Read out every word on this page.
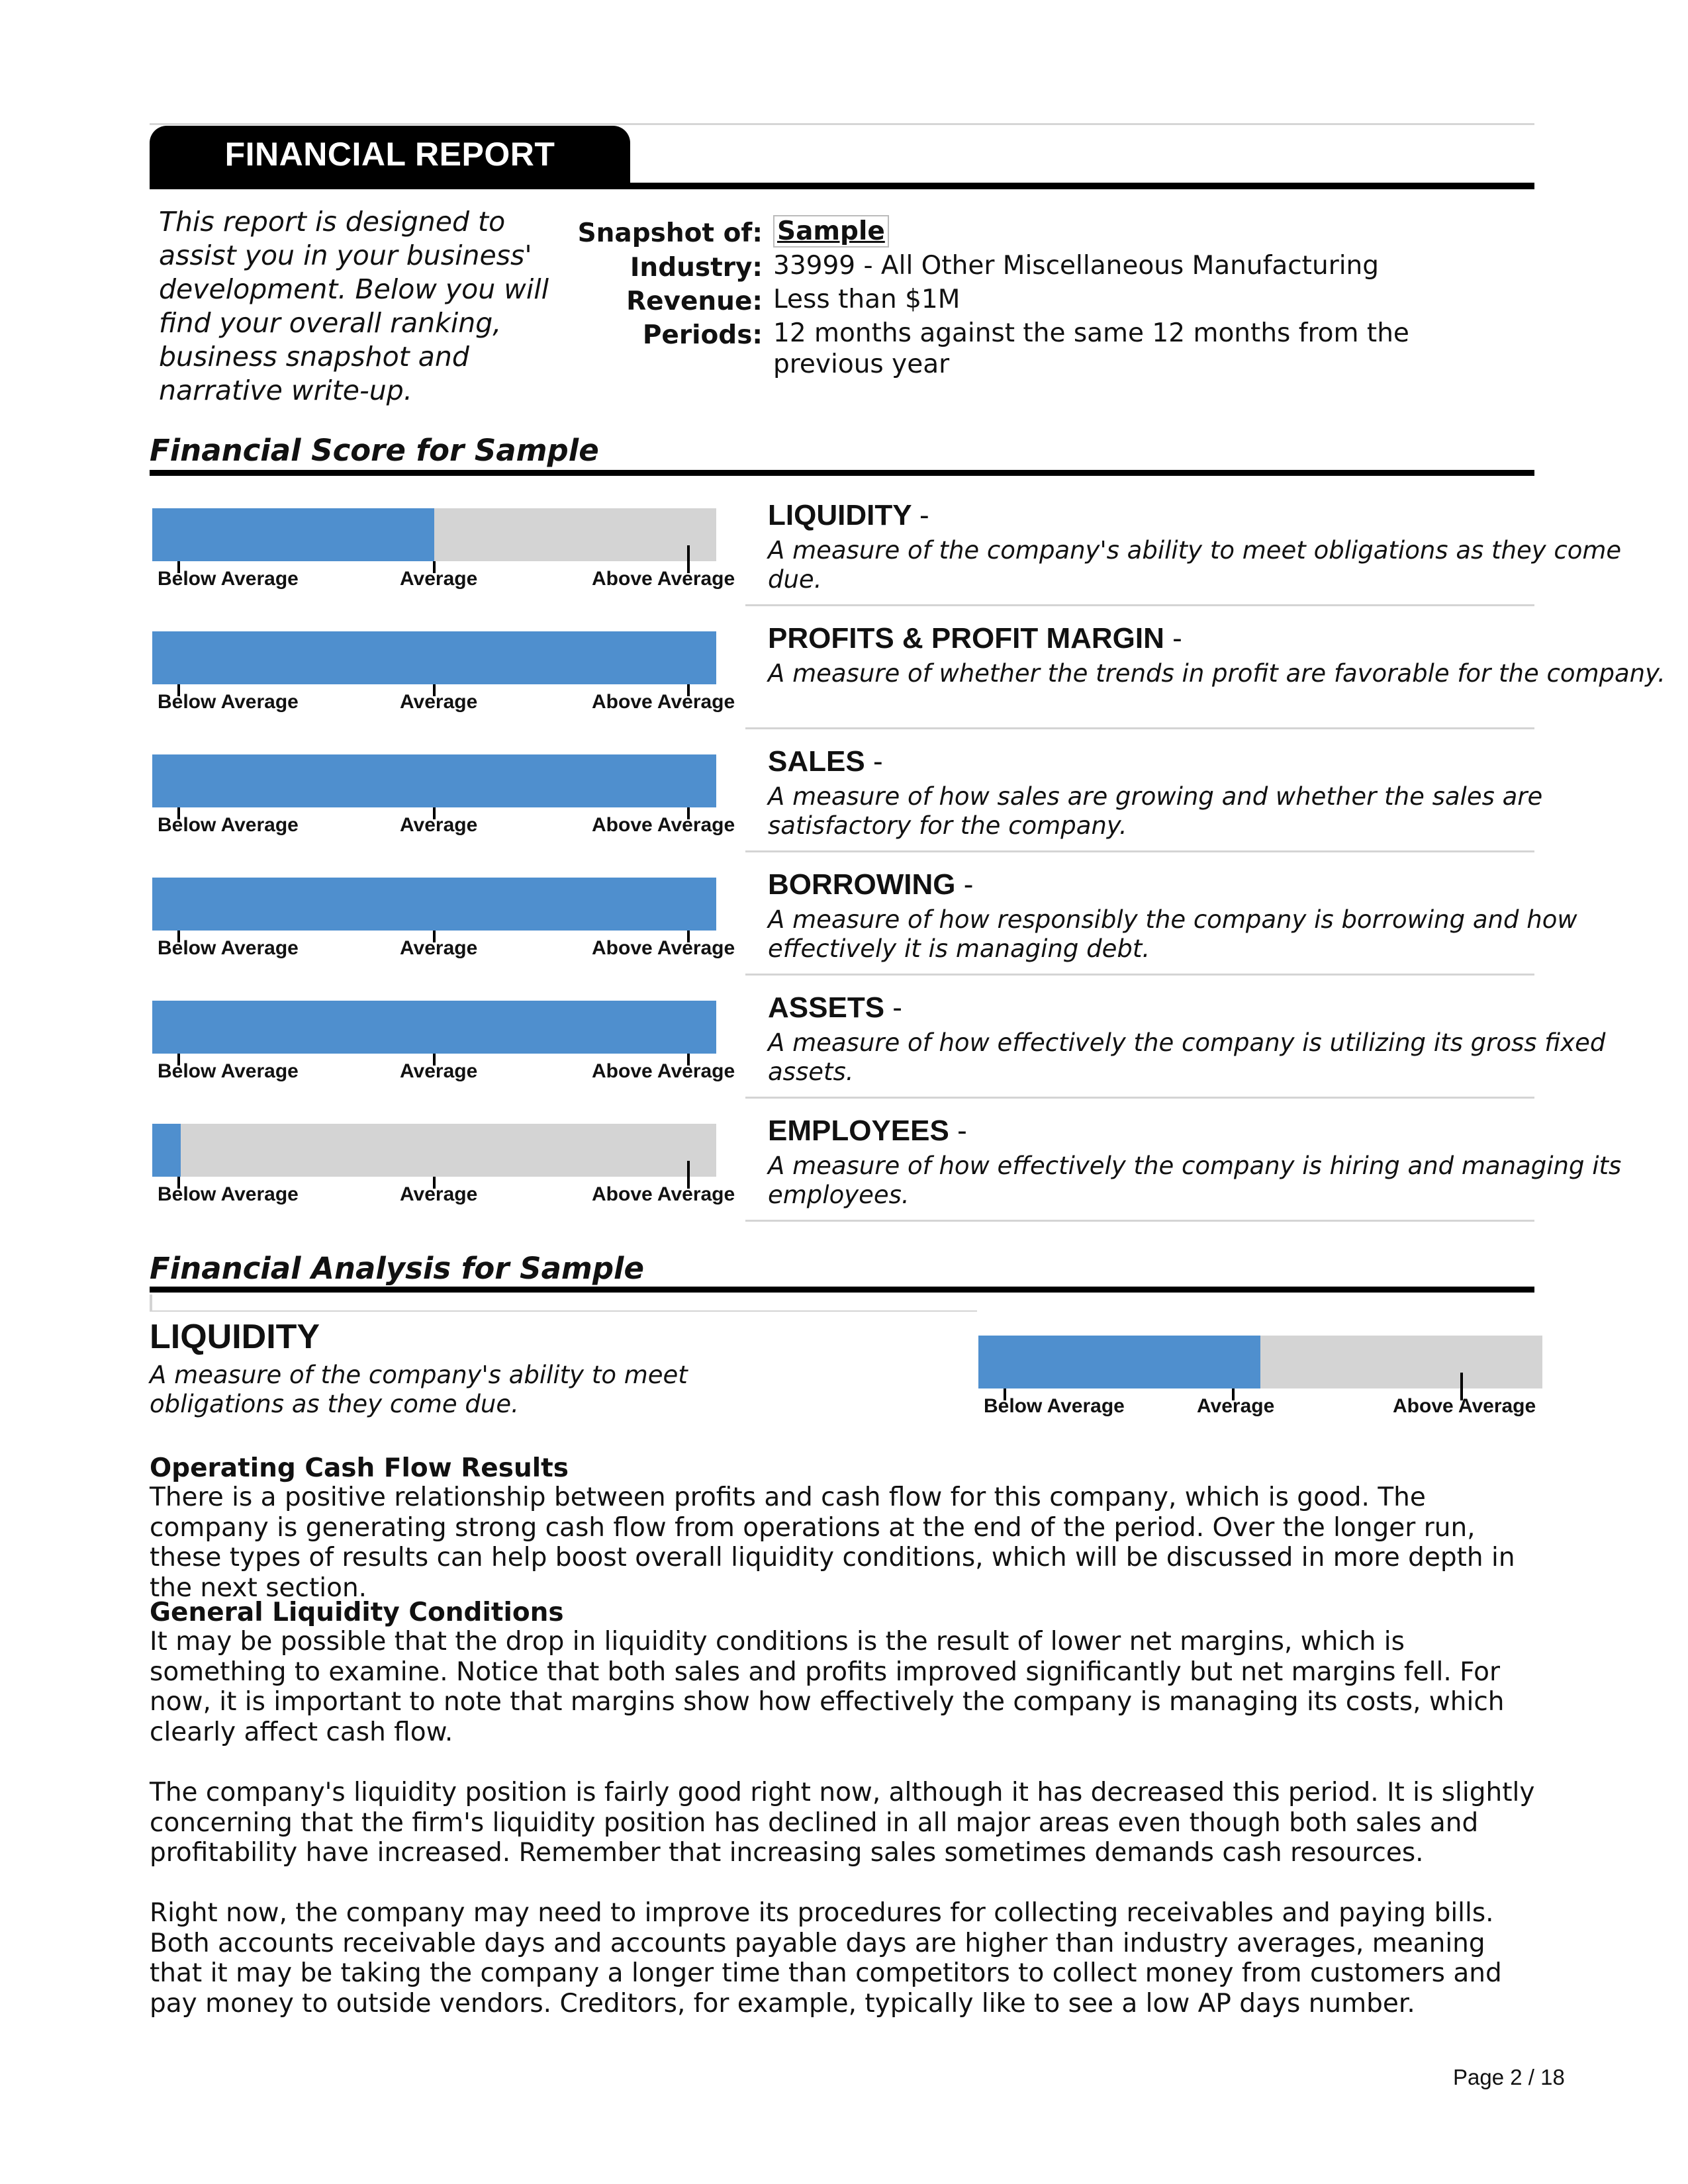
FINANCIAL REPORT
This report is designed to assist you in your business' development. Below you will find your overall ranking, business snapshot and narrative write-up.
Snapshot of: Sample
Industry: 33999 - All Other Miscellaneous Manufacturing
Revenue: Less than $1M
Periods: 12 months against the same 12 months from the previous year
Financial Score for Sample
Below Average	Average	Above Average
LIQUIDITY -
A measure of the company's ability to meet obligations as they come due.
Below Average	Average	Above Average
PROFITS & PROFIT MARGIN -
A measure of whether the trends in profit are favorable for the company.
Below Average	Average	Above Average
SALES -
A measure of how sales are growing and whether the sales are satisfactory for the company.
Below Average	Average	Above Average
BORROWING -
A measure of how responsibly the company is borrowing and how effectively it is managing debt.
Below Average	Average	Above Average
ASSETS -
A measure of how effectively the company is utilizing its gross fixed assets.
Below Average	Average	Above Average
EMPLOYEES -
A measure of how effectively the company is hiring and managing its employees.
Financial Analysis for Sample
LIQUIDITY
A measure of the company's ability to meet obligations as they come due.	Below Average	Average	Above Average
Operating Cash Flow Results
There is a positive relationship between profits and cash flow for this company, which is good. The company is generating strong cash flow from operations at the end of the period. Over the longer run, these types of results can help boost overall liquidity conditions, which will be discussed in more depth in the next section.
General Liquidity Conditions
It may be possible that the drop in liquidity conditions is the result of lower net margins, which is something to examine. Notice that both sales and profits improved significantly but net margins fell. For now, it is important to note that margins show how effectively the company is managing its costs, which clearly affect cash flow.
The company's liquidity position is fairly good right now, although it has decreased this period. It is slightly concerning that the firm's liquidity position has declined in all major areas even though both sales and profitability have increased. Remember that increasing sales sometimes demands cash resources.
Right now, the company may need to improve its procedures for collecting receivables and paying bills. Both accounts receivable days and accounts payable days are higher than industry averages, meaning that it may be taking the company a longer time than competitors to collect money from customers and pay money to outside vendors. Creditors, for example, typically like to see a low AP days number.
Page 2 / 18
